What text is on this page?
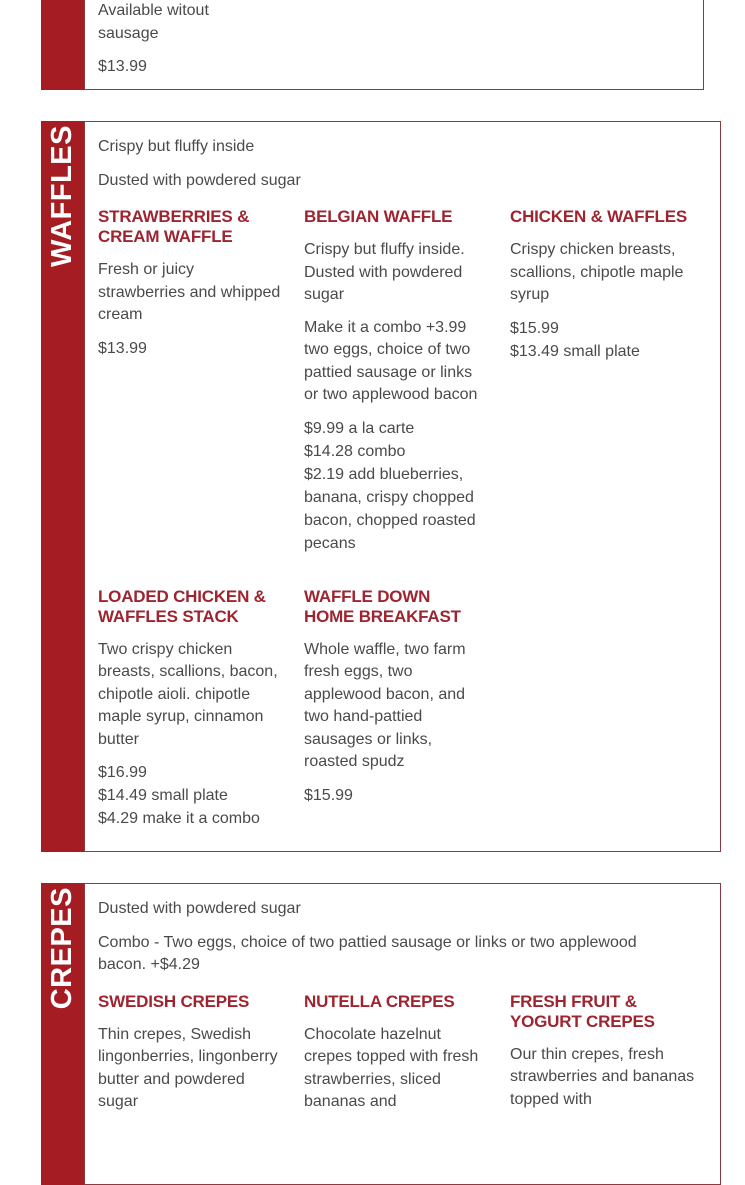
Available witout sausage

$13.99
WAFFLES	Crispy but fluffy inside

Dusted with powdered sugar

STRAWBERRIES & CREAM WAFFLE

Fresh or juicy strawberries and whipped cream

$13.99
BELGIAN WAFFLE

Crispy but fluffy inside. Dusted with powdered sugar

Make it a combo +3.99 two eggs, choice of two pattied sausage or links or two applewood bacon

$9.99 a la carte
$14.28 combo
$2.19 add blueberries, banana, crispy chopped bacon, chopped roasted pecans
CHICKEN & WAFFLES

Crispy chicken breasts, scallions, chipotle maple syrup

$15.99
$13.49 small plate
LOADED CHICKEN & WAFFLES STACK

Two crispy chicken breasts, scallions, bacon, chipotle aioli. chipotle maple syrup, cinnamon butter

$16.99
$14.49 small plate
$4.29 make it a combo
WAFFLE DOWN HOME BREAKFAST

Whole waffle, two farm fresh eggs, two applewood bacon, and two hand-pattied sausages or links, roasted spudz

$15.99
CREPES	Dusted with powdered sugar

Combo - Two eggs, choice of two pattied sausage or links or two applewood bacon. +$4.29

SWEDISH CREPES

Thin crepes, Swedish lingonberries, lingonberry butter and powdered sugar

NUTELLA CREPES

Chocolate hazelnut crepes topped with fresh strawberries, sliced bananas and

FRESH FRUIT & YOGURT CREPES

Our thin crepes, fresh strawberries and bananas topped with
